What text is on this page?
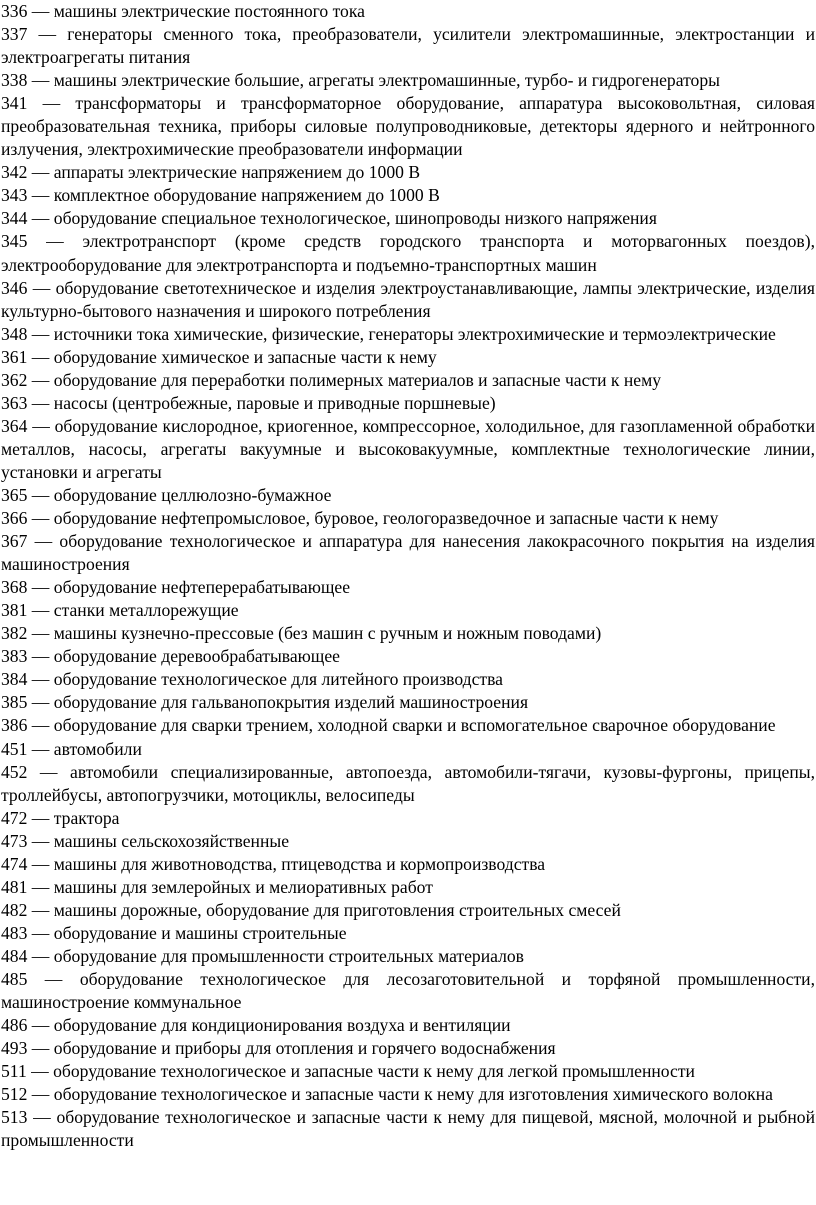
336 — машины электрические постоянного тока

337 — генераторы сменного тока, преобразователи, усилители электромашинные, электростанции и электроагрегаты питания

338 — машины электрические большие, агрегаты электромашинные, турбо- и гидрогенераторы

341 — трансформаторы и трансформаторное оборудование, аппаратура высоковольтная, силовая преобразовательная техника, приборы силовые полупроводниковые, детекторы ядерного и нейтронного излучения, электрохимические преобразователи информации

342 — аппараты электрические напряжением до 1000 В

343 — комплектное оборудование напряжением до 1000 В

344 — оборудование специальное технологическое, шинопроводы низкого напряжения

345 — электротранспорт (кроме средств городского транспорта и моторвагонных поездов), электрооборудование для электротранспорта и подъемно-транспортных машин

346 — оборудование светотехническое и изделия электроустанавливающие, лампы электрические, изделия культурно-бытового назначения и широкого потребления

348 — источники тока химические, физические, генераторы электрохимические и термоэлектрические

361 — оборудование химическое и запасные части к нему

362 — оборудование для переработки полимерных материалов и запасные части к нему

363 — насосы (центробежные, паровые и приводные поршневые)

364 — оборудование кислородное, криогенное, компрессорное, холодильное, для газопламенной обработки металлов, насосы, агрегаты вакуумные и высоковакуумные, комплектные технологические линии, установки и агрегаты

365 — оборудование целлюлозно-бумажное

366 — оборудование нефтепромысловое, буровое, геологоразведочное и запасные части к нему

367 — оборудование технологическое и аппаратура для нанесения лакокрасочного покрытия на изделия машиностроения

368 — оборудование нефтеперерабатывающее

381 — станки металлорежущие

382 — машины кузнечно-прессовые (без машин с ручным и ножным поводами)

383 — оборудование деревообрабатывающее

384 — оборудование технологическое для литейного производства

385 — оборудование для гальванопокрытия изделий машиностроения

386 — оборудование для сварки трением, холодной сварки и вспомогательное сварочное оборудование

451 — автомобили

452 — автомобили специализированные, автопоезда, автомобили-тягачи, кузовы-фургоны, прицепы, троллейбусы, автопогрузчики, мотоциклы, велосипеды

472 — трактора

473 — машины сельскохозяйственные

474 — машины для животноводства, птицеводства и кормопроизводства

481 — машины для землеройных и мелиоративных работ

482 — машины дорожные, оборудование для приготовления строительных смесей

483 — оборудование и машины строительные

484 — оборудование для промышленности строительных материалов

485 — оборудование технологическое для лесозаготовительной и торфяной промышленности, машиностроение коммунальное

486 — оборудование для кондиционирования воздуха и вентиляции

493 — оборудование и приборы для отопления и горячего водоснабжения

511 — оборудование технологическое и запасные части к нему для легкой промышленности

512 — оборудование технологическое и запасные части к нему для изготовления химического волокна

513 — оборудование технологическое и запасные части к нему для пищевой, мясной, молочной и рыбной промышленности
